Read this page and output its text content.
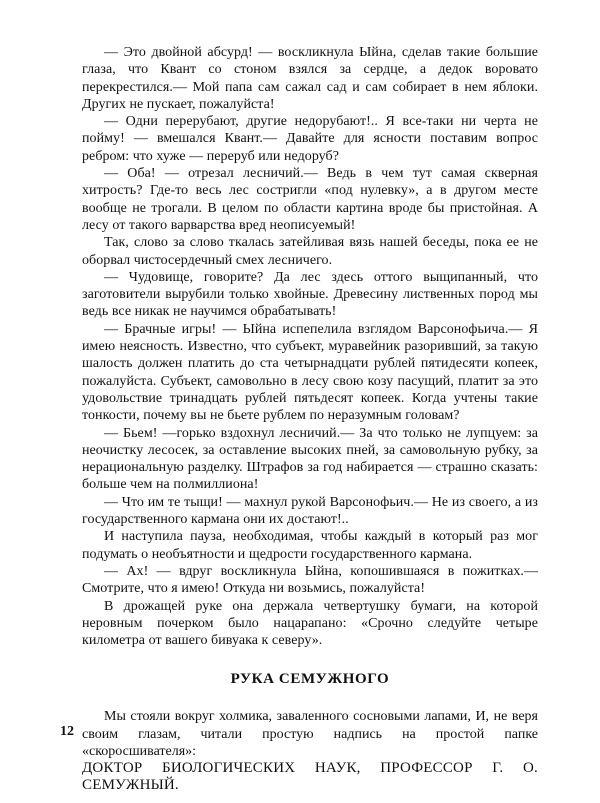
— Это двойной абсурд! — воскликнула Ыйна, сделав такие большие глаза, что Квант со стоном взялся за сердце, а дедок воровато перекрестился.— Мой папа сам сажал сад и сам собирает в нем яблоки. Других не пускает, пожалуйста!

— Одни перерубают, другие недорубают!.. Я все-таки ни черта не пойму! — вмешался Квант.— Давайте для ясности поставим вопрос ребром: что хуже — переруб или недоруб?

— Оба! — отрезал лесничий.— Ведь в чем тут самая скверная хитрость? Где-то весь лес состригли «под нулевку», а в другом месте вообще не трогали. В целом по области картина вроде бы пристойная. А лесу от такого варварства вред неописуемый!

Так, слово за слово ткалась затейливая вязь нашей беседы, пока ее не оборвал чистосердечный смех лесничего.

— Чудовище, говорите? Да лес здесь оттого выщипанный, что заготовители вырубили только хвойные. Древесину лиственных пород мы ведь все никак не научимся обрабатывать!

— Брачные игры! — Ыйна испепелила взглядом Варсонофьича.— Я имею неясность. Известно, что субъект, муравейник разоривший, за такую шалость должен платить до ста четырнадцати рублей пятидесяти копеек, пожалуйста. Субъект, самовольно в лесу свою козу пасущий, платит за это удовольствие тринадцать рублей пятьдесят копеек. Когда учтены такие тонкости, почему вы не бьете рублем по неразумным головам?

— Бьем! —горько вздохнул лесничий.— За что только не лупцуем: за неочистку лесосек, за оставление высоких пней, за самовольную рубку, за нерациональную разделку. Штрафов за год набирается — страшно сказать: больше чем на полмиллиона!

— Что им те тыщи! — махнул рукой Варсонофьич.— Не из своего, а из государственного кармана они их достают!..

И наступила пауза, необходимая, чтобы каждый в который раз мог подумать о необъятности и щедрости государственного кармана.

— Ах! — вдруг воскликнула Ыйна, копошившаяся в пожитках.— Смотрите, что я имею! Откуда ни возьмись, пожалуйста!

В дрожащей руке она держала четвертушку бумаги, на которой неровным почерком было нацарапано: «Срочно следуйте четыре километра от вашего бивуака к северу».

РУКА СЕМУЖНОГО

Мы стояли вокруг холмика, заваленного сосновыми лапами, И, не веря своим глазам, читали простую надпись на простой папке «скоросшивателя»:

ДОКТОР БИОЛОГИЧЕСКИХ НАУК, ПРОФЕССОР Г. О. СЕМУЖНЫЙ.

12
